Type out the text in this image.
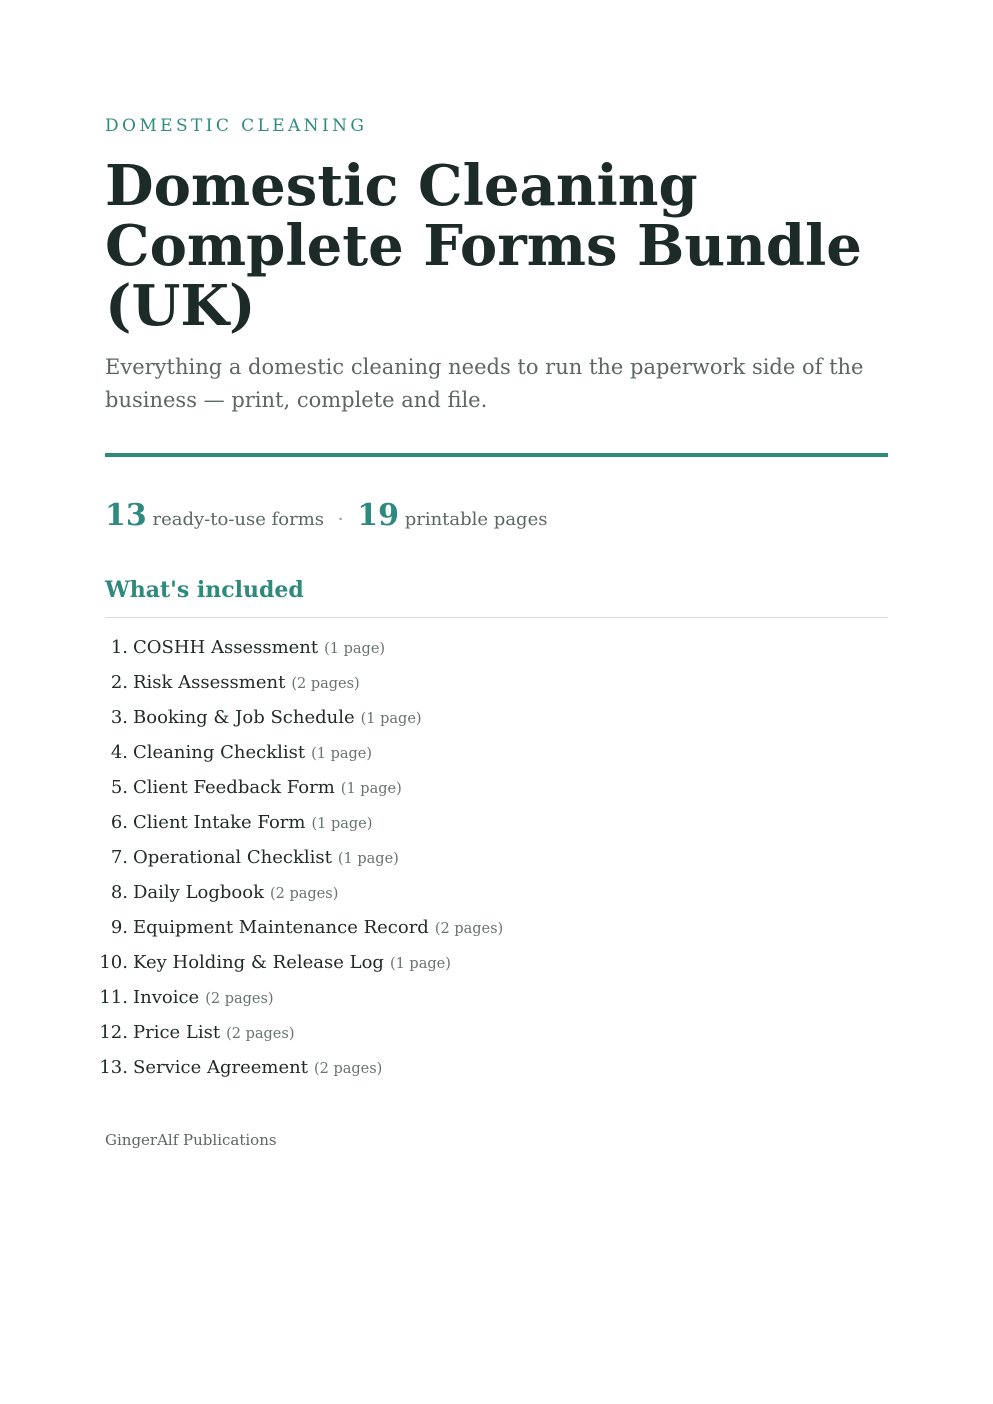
DOMESTIC CLEANING
Domestic Cleaning Complete Forms Bundle (UK)

Everything a domestic cleaning needs to run the paperwork side of the business — print, complete and file.

13 ready-to-use forms · 19 printable pages
What's included
1. COSHH Assessment (1 page)
2. Risk Assessment (2 pages)
3. Booking & Job Schedule (1 page)
4. Cleaning Checklist (1 page)
5. Client Feedback Form (1 page)
6. Client Intake Form (1 page)
7. Operational Checklist (1 page)
8. Daily Logbook (2 pages)
9. Equipment Maintenance Record (2 pages)
10. Key Holding & Release Log (1 page)
11. Invoice (2 pages)
12. Price List (2 pages)
13. Service Agreement (2 pages)
GingerAlf Publications
